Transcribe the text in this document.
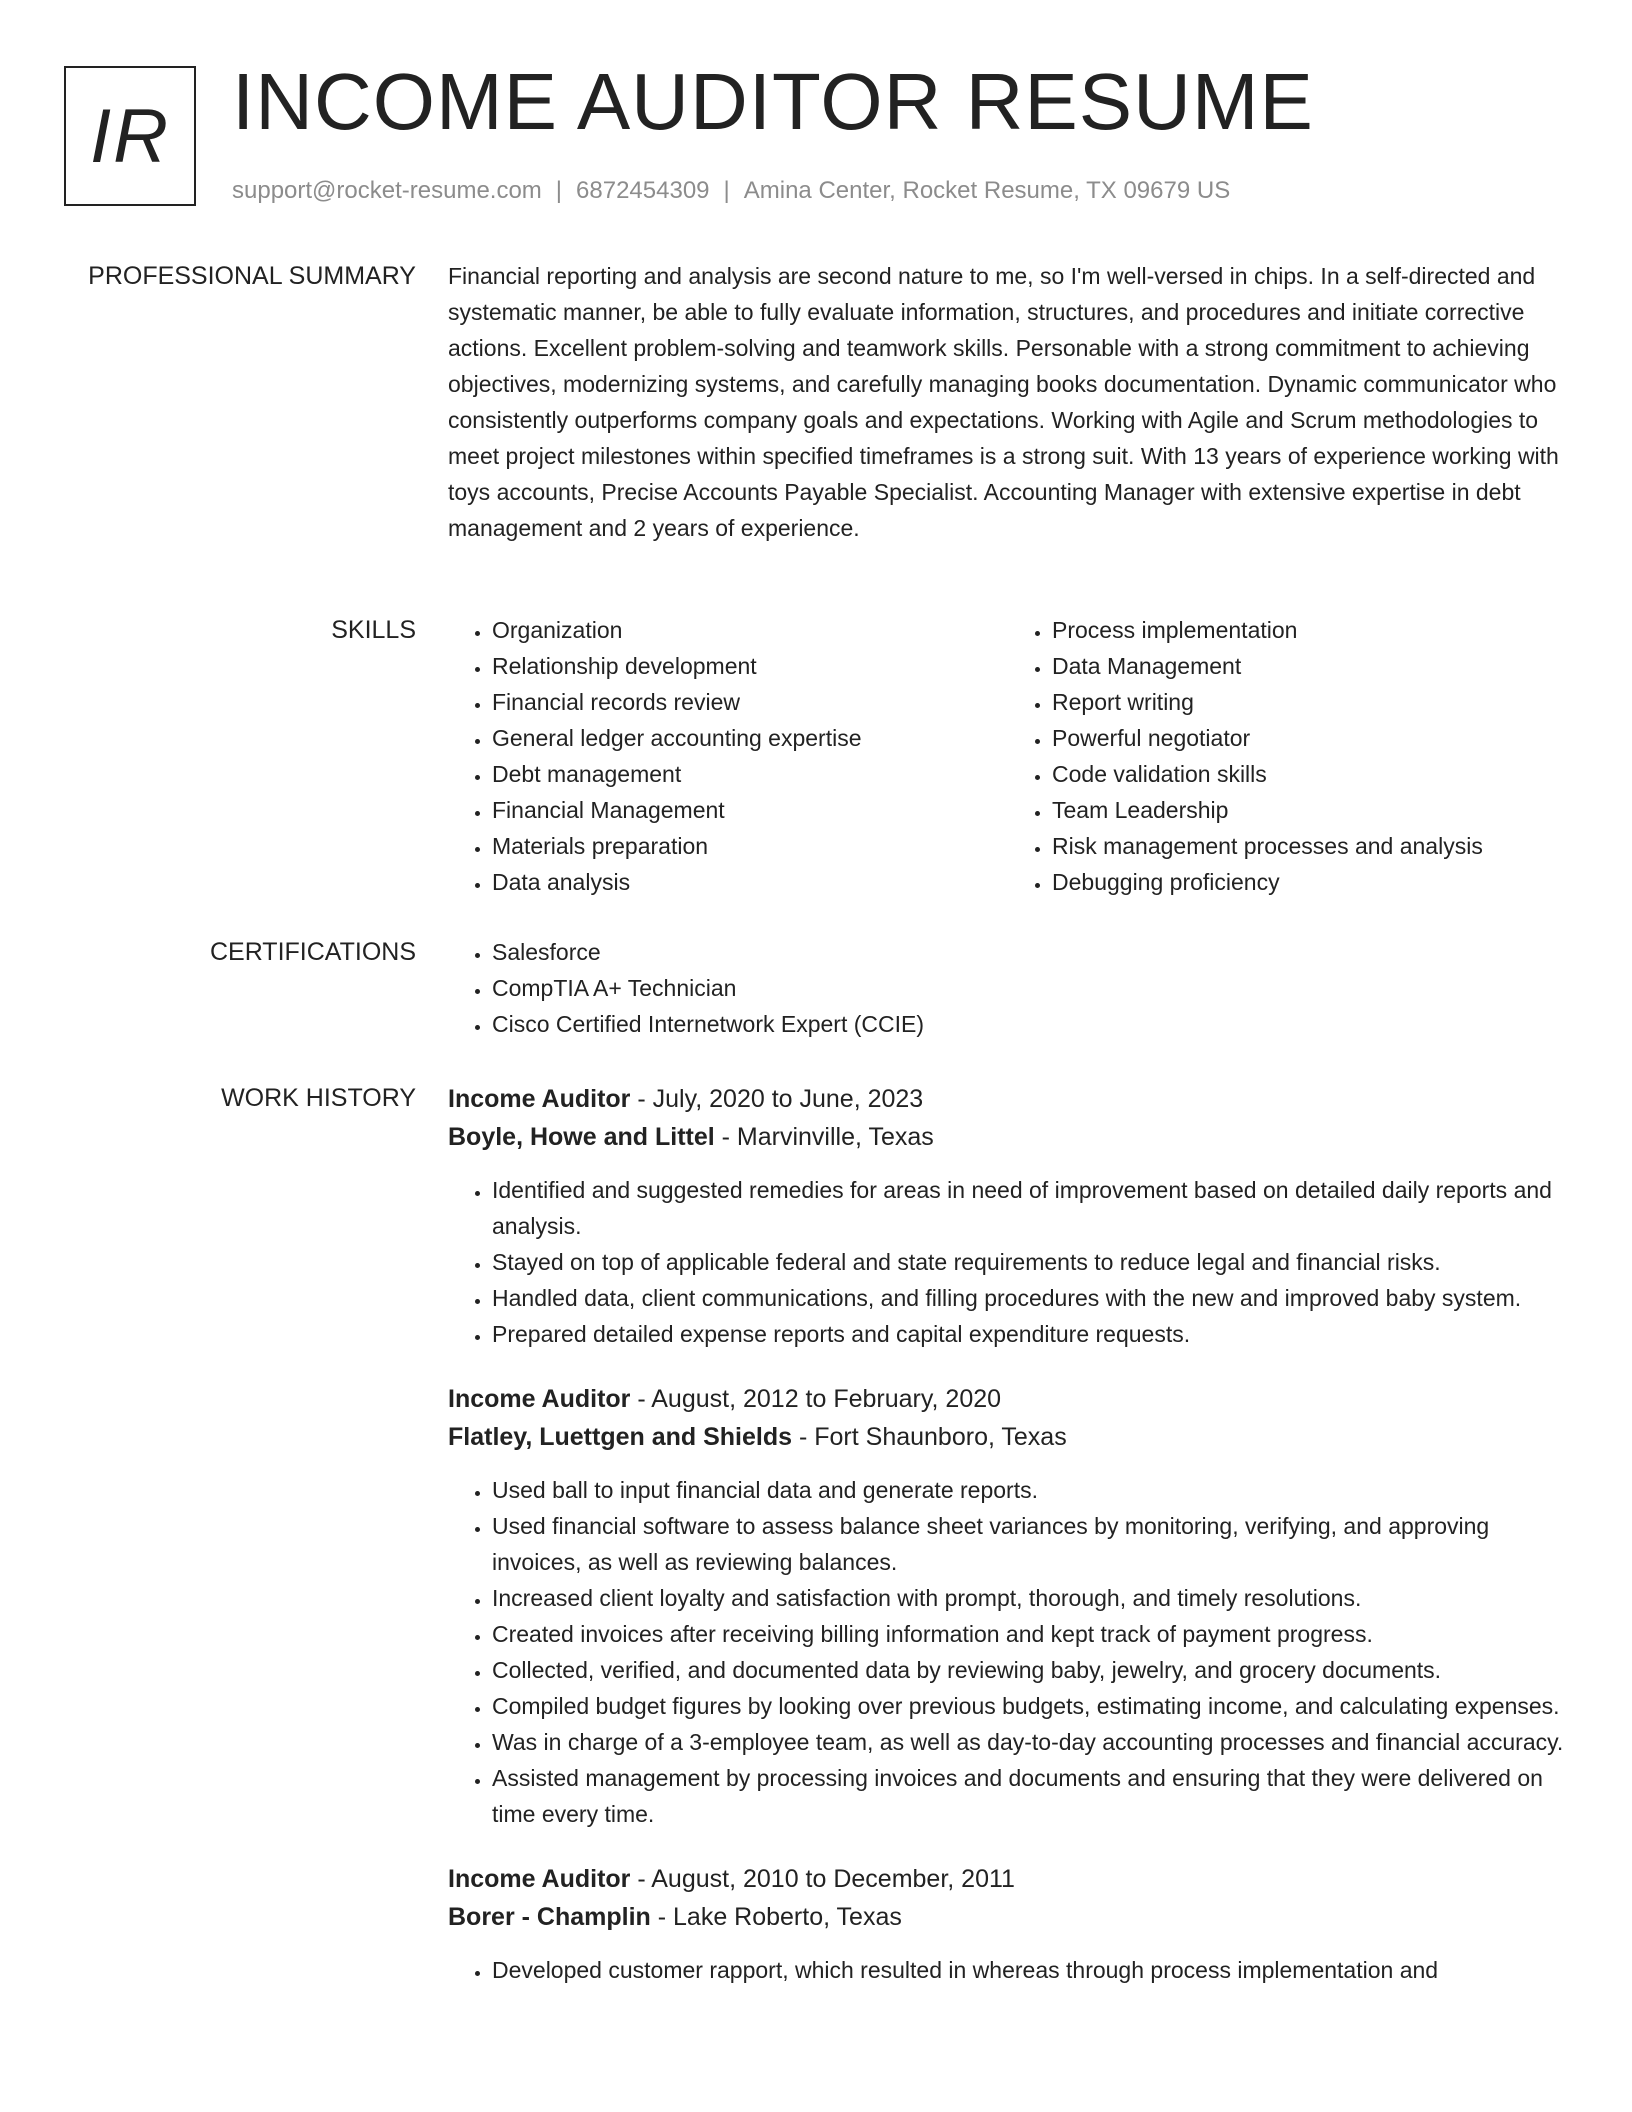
IR INCOME AUDITOR RESUME
support@rocket-resume.com | 6872454309 | Amina Center, Rocket Resume, TX 09679 US
PROFESSIONAL SUMMARY Financial reporting and analysis are second nature to me, so I'm well-versed in chips. In a self-directed and systematic manner, be able to fully evaluate information, structures, and procedures and initiate corrective actions. Excellent problem-solving and teamwork skills. Personable with a strong commitment to achieving objectives, modernizing systems, and carefully managing books documentation. Dynamic communicator who consistently outperforms company goals and expectations. Working with Agile and Scrum methodologies to meet project milestones within specified timeframes is a strong suit. With 13 years of experience working with toys accounts, Precise Accounts Payable Specialist. Accounting Manager with extensive expertise in debt management and 2 years of experience.

SKILLS	• Organization
• Relationship development
• Financial records review
• General ledger accounting expertise
• Debt management
• Financial Management
• Materials preparation
• Data analysis
• Process implementation
• Data Management
• Report writing
• Powerful negotiator
• Code validation skills
• Team Leadership
• Risk management processes and analysis
• Debugging proficiency
CERTIFICATIONS	• Salesforce
• CompTIA A+ Technician
• Cisco Certified Internetwork Expert (CCIE)
WORK HISTORY Income Auditor - July, 2020 to June, 2023
Boyle, Howe and Littel - Marvinville, Texas
• Identified and suggested remedies for areas in need of improvement based on detailed daily reports and analysis.
• Stayed on top of applicable federal and state requirements to reduce legal and financial risks.
• Handled data, client communications, and filling procedures with the new and improved baby system.
• Prepared detailed expense reports and capital expenditure requests.
Income Auditor - August, 2012 to February, 2020
Flatley, Luettgen and Shields - Fort Shaunboro, Texas
• Used ball to input financial data and generate reports.
• Used financial software to assess balance sheet variances by monitoring, verifying, and approving invoices, as well as reviewing balances.
• Increased client loyalty and satisfaction with prompt, thorough, and timely resolutions.
• Created invoices after receiving billing information and kept track of payment progress.
• Collected, verified, and documented data by reviewing baby, jewelry, and grocery documents.
• Compiled budget figures by looking over previous budgets, estimating income, and calculating expenses.
• Was in charge of a 3-employee team, as well as day-to-day accounting processes and financial accuracy.
• Assisted management by processing invoices and documents and ensuring that they were delivered on time every time.
Income Auditor - August, 2010 to December, 2011
Borer - Champlin - Lake Roberto, Texas
• Developed customer rapport, which resulted in whereas through process implementation and
